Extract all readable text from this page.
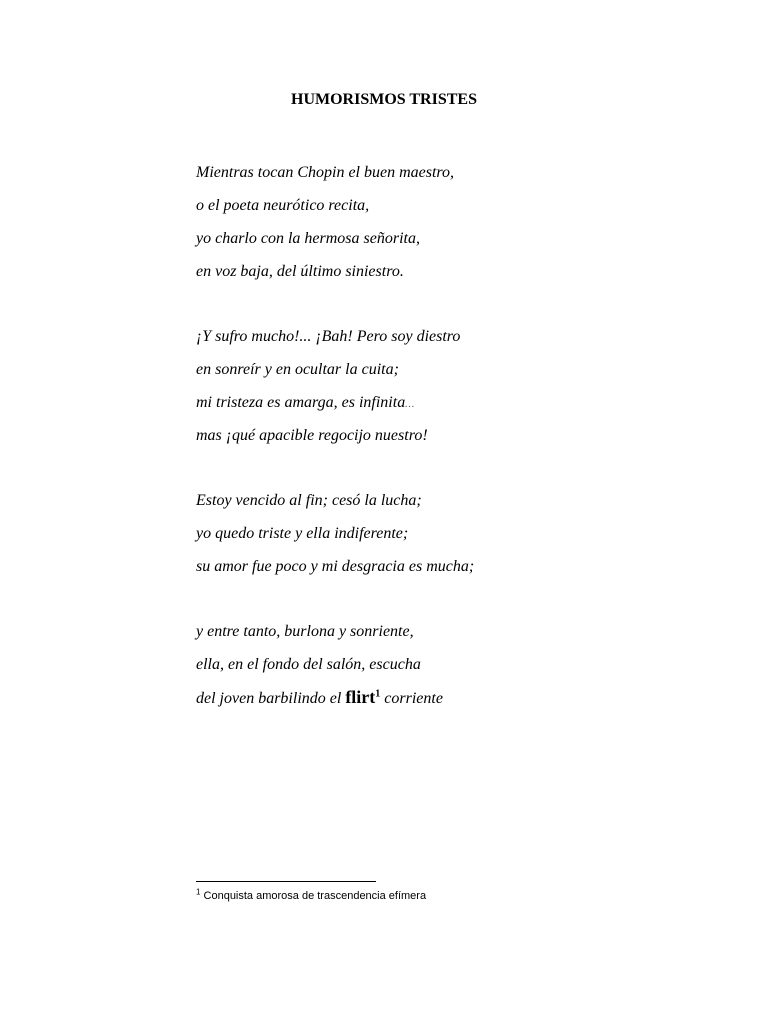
HUMORISMOS TRISTES
Mientras tocan Chopin el buen maestro,
o el poeta neurótico recita,
yo charlo con la hermosa señorita,
en voz baja, del último siniestro.
¡Y sufro mucho!... ¡Bah! Pero soy diestro
en sonreír y en ocultar la cuita;
mi tristeza es amarga, es infinita…
mas ¡qué apacible regocijo nuestro!
Estoy vencido al fin; cesó la lucha;
yo quedo triste y ella indiferente;
su amor fue poco y mi desgracia es mucha;
y entre tanto, burlona y sonriente,
ella, en el fondo del salón, escucha
del joven barbilindo el flirt$^1$ corriente
$^1$ Conquista amorosa de trascendencia efímera
